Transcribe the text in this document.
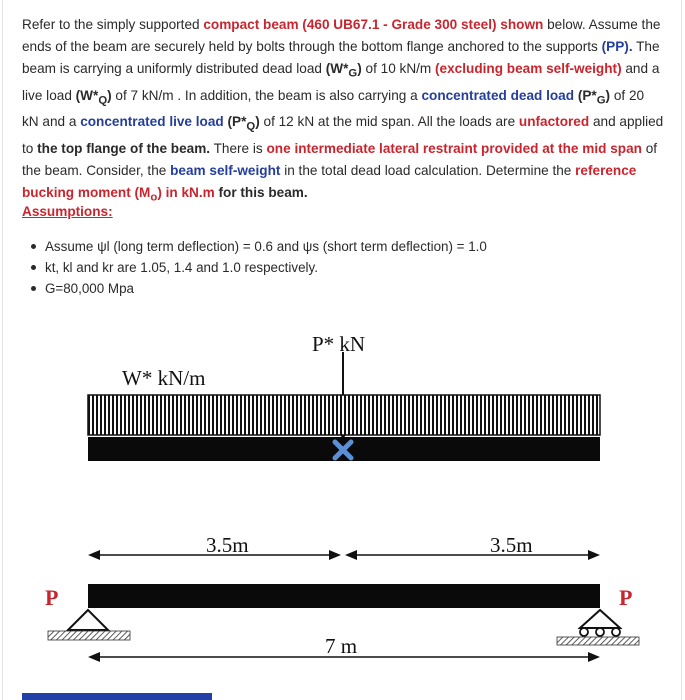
Refer to the simply supported compact beam (460 UB67.1 - Grade 300 steel) shown below. Assume the ends of the beam are securely held by bolts through the bottom flange anchored to the supports (PP). The beam is carrying a uniformly distributed dead load $(W*_G)$ of 10 kN/m (excluding beam self-weight) and a live load $(W*_Q)$ of 7 kN/m . In addition, the beam is also carrying a concentrated dead load $(P*_G)$ of 20 kN and a concentrated live load $(P*_Q)$ of 12 kN at the mid span. All the loads are unfactored and applied to the top flange of the beam. There is one intermediate lateral restraint provided at the mid span of the beam. Consider, the beam self-weight in the total dead load calculation. Determine the reference bucking moment $(M_o)$ in kN.m for this beam.

Assumptions:

Assume ψl (long term deflection) = 0.6 and ψs (short term deflection) = 1.0
kt, kl and kr are 1.05, 1.4 and 1.0 respectively.
G=80,000 Mpa
P* kN
W* kN/m
3.5m	3.5m
P	P
7 m
